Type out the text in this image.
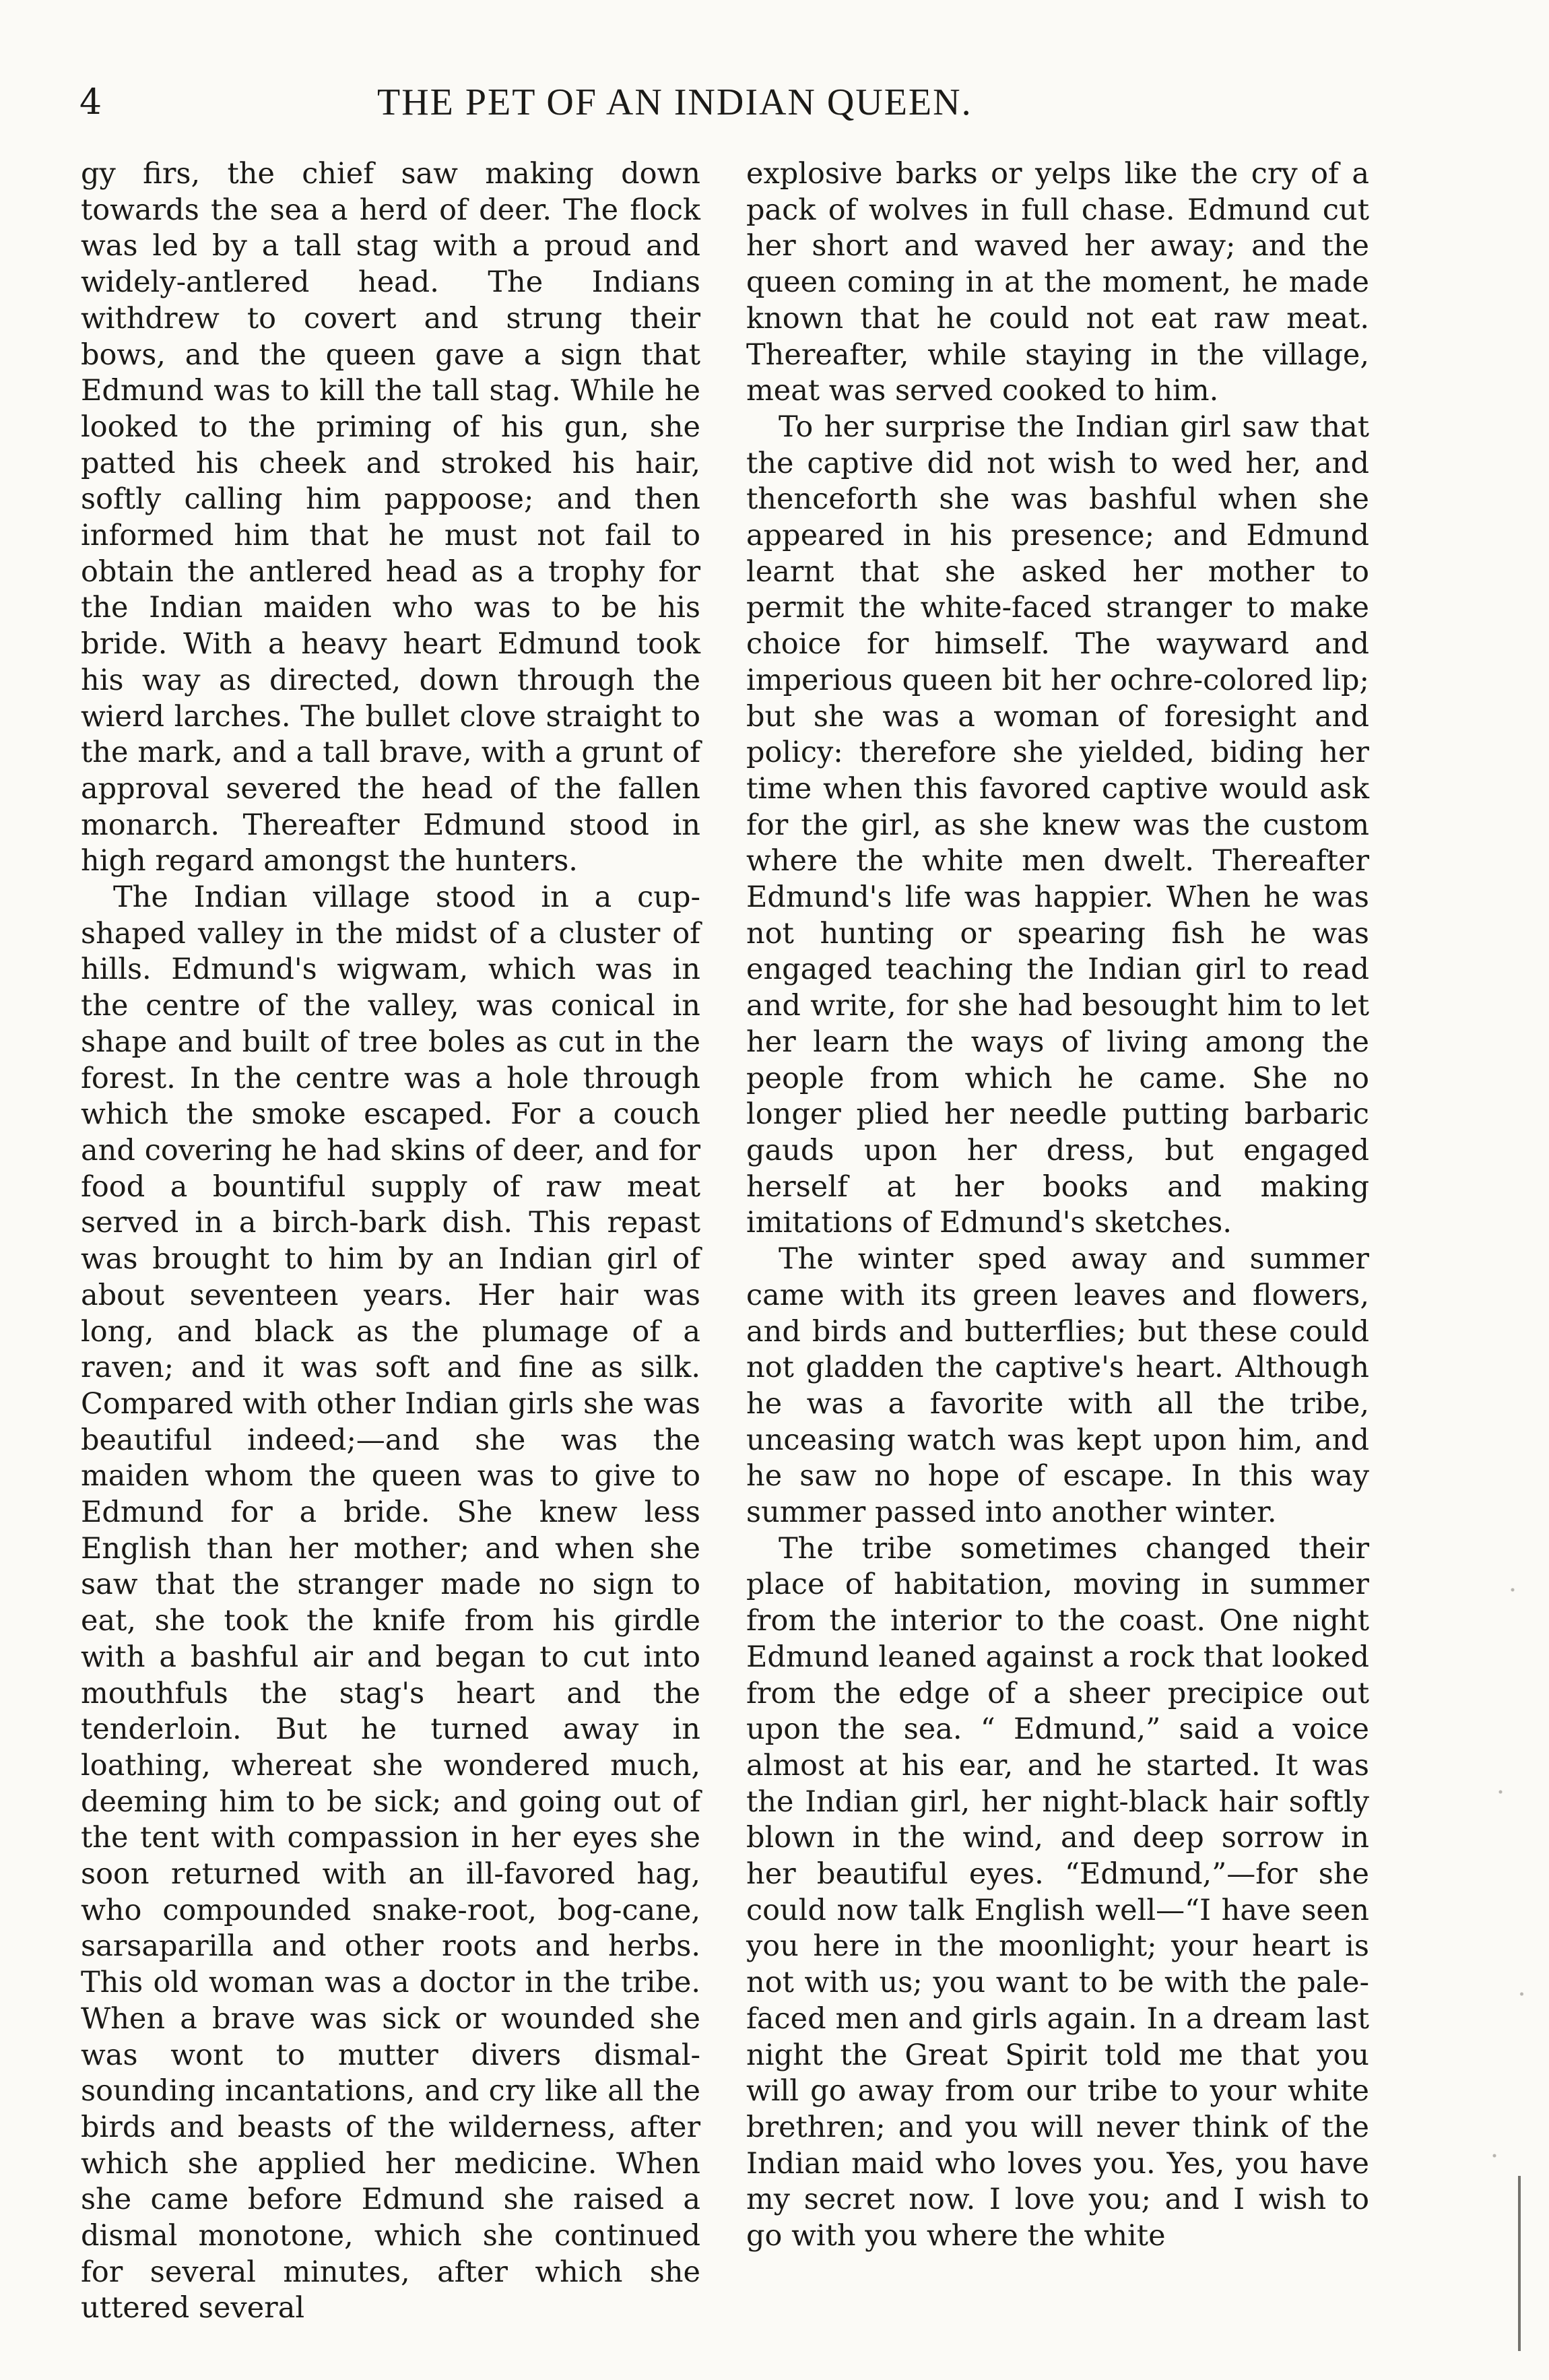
4	THE PET OF AN INDIAN QUEEN.

gy firs, the chief saw making down towards the sea a herd of deer. The flock was led by a tall stag with a proud and widely-antlered head. The Indians withdrew to covert and strung their bows, and the queen gave a sign that Edmund was to kill the tall stag. While he looked to the priming of his gun, she patted his cheek and stroked his hair, softly calling him pappoose; and then informed him that he must not fail to obtain the antlered head as a trophy for the Indian maiden who was to be his bride. With a heavy heart Edmund took his way as directed, down through the wierd larches. The bullet clove straight to the mark, and a tall brave, with a grunt of approval severed the head of the fallen monarch. Thereafter Edmund stood in high regard amongst the hunters.

The Indian village stood in a cup-shaped valley in the midst of a cluster of hills. Edmund's wigwam, which was in the centre of the valley, was conical in shape and built of tree boles as cut in the forest. In the centre was a hole through which the smoke escaped. For a couch and covering he had skins of deer, and for food a bountiful supply of raw meat served in a birch-bark dish. This repast was brought to him by an Indian girl of about seventeen years. Her hair was long, and black as the plumage of a raven; and it was soft and fine as silk. Compared with other Indian girls she was beautiful indeed;—and she was the maiden whom the queen was to give to Edmund for a bride. She knew less English than her mother; and when she saw that the stranger made no sign to eat, she took the knife from his girdle with a bashful air and began to cut into mouthfuls the stag's heart and the tenderloin. But he turned away in loathing, whereat she wondered much, deeming him to be sick; and going out of the tent with compassion in her eyes she soon returned with an ill-favored hag, who compounded snake-root, bog-cane, sarsaparilla and other roots and herbs. This old woman was a doctor in the tribe. When a brave was sick or wounded she was wont to mutter divers dismal-sounding incantations, and cry like all the birds and beasts of the wilderness, after which she applied her medicine. When she came before Edmund she raised a dismal monotone, which she continued for several minutes, after which she uttered several

explosive barks or yelps like the cry of a pack of wolves in full chase. Edmund cut her short and waved her away; and the queen coming in at the moment, he made known that he could not eat raw meat. Thereafter, while staying in the village, meat was served cooked to him.

To her surprise the Indian girl saw that the captive did not wish to wed her, and thenceforth she was bashful when she appeared in his presence; and Edmund learnt that she asked her mother to permit the white-faced stranger to make choice for himself. The wayward and imperious queen bit her ochre-colored lip; but she was a woman of foresight and policy: therefore she yielded, biding her time when this favored captive would ask for the girl, as she knew was the custom where the white men dwelt. Thereafter Edmund's life was happier. When he was not hunting or spearing fish he was engaged teaching the Indian girl to read and write, for she had besought him to let her learn the ways of living among the people from which he came. She no longer plied her needle putting barbaric gauds upon her dress, but engaged herself at her books and making imitations of Edmund's sketches.

The winter sped away and summer came with its green leaves and flowers, and birds and butterflies; but these could not gladden the captive's heart. Although he was a favorite with all the tribe, unceasing watch was kept upon him, and he saw no hope of escape. In this way summer passed into another winter.

The tribe sometimes changed their place of habitation, moving in summer from the interior to the coast. One night Edmund leaned against a rock that looked from the edge of a sheer precipice out upon the sea. “ Edmund,” said a voice almost at his ear, and he started. It was the Indian girl, her night-black hair softly blown in the wind, and deep sorrow in her beautiful eyes. “Edmund,”—for she could now talk English well—“I have seen you here in the moonlight; your heart is not with us; you want to be with the pale-faced men and girls again. In a dream last night the Great Spirit told me that you will go away from our tribe to your white brethren; and you will never think of the Indian maid who loves you. Yes, you have my secret now. I love you; and I wish to go with you where the white
